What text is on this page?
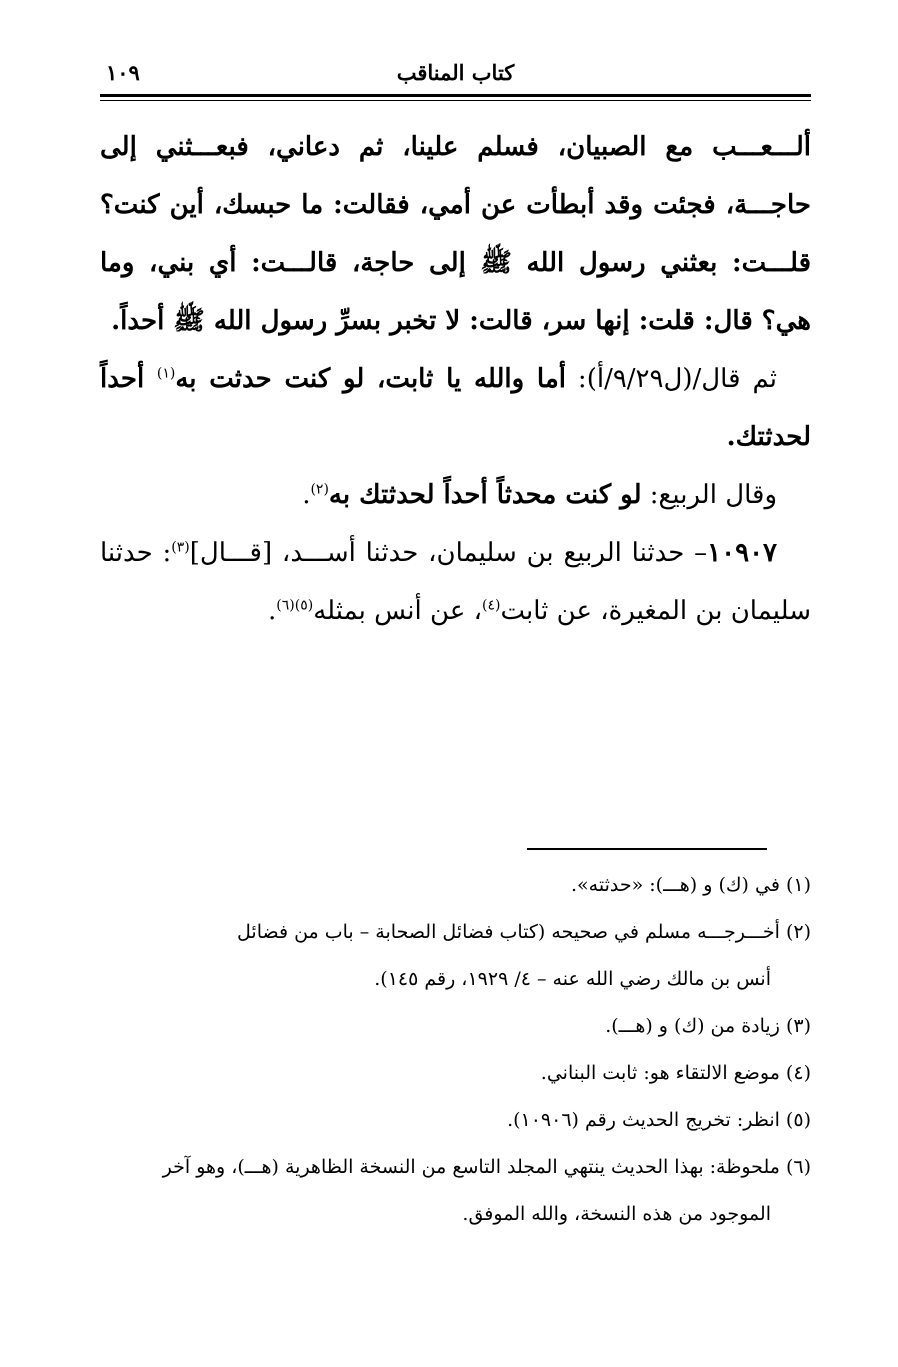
كتاب المناقب
١٠٩

ألـــعـــب مع الصبيان، فسلم علينا، ثم دعاني، فبعـــثني إلى حاجـــة، فجئت وقد أبطأت عن أمي، فقالت: ما حبسك، أين كنت؟ قلـــت: بعثني رسول الله ﷺ إلى حاجة، قالـــت: أي بني، وما هي؟ قال: قلت: إنها سر، قالت: لا تخبر بسرِّ رسول الله ﷺ أحداً.

ثم قال/(ل٩/٢٩/أ): أما والله يا ثابت، لو كنت حدثت به$^{(١)}$ أحداً لحدثتك.

وقال الربيع: لو كنت محدثاً أحداً لحدثتك به$^{(٢)}$.

١٠٩٠٧– حدثنا الربيع بن سليمان، حدثنا أســـد، [قـــال]$^{(٣)}$: حدثنا سليمان بن المغيرة، عن ثابت$^{(٤)}$، عن أنس بمثله$^{(٥)(٦)}$.

(١) في (ك) و (هـــ): «حدثته».

(٢) أخـــرجـــه مسلم في صحيحه (كتاب فضائل الصحابة – باب من فضائل

أنس بن مالك رضي الله عنه – ٤/ ١٩٢٩، رقم ١٤٥).

(٣) زيادة من (ك) و (هـــ).

(٤) موضع الالتقاء هو: ثابت البناني.

(٥) انظر: تخريج الحديث رقم (١٠٩٠٦).

(٦) ملحوظة: بهذا الحديث ينتهي المجلد التاسع من النسخة الظاهرية (هـــ)، وهو آخر

الموجود من هذه النسخة، والله الموفق.
